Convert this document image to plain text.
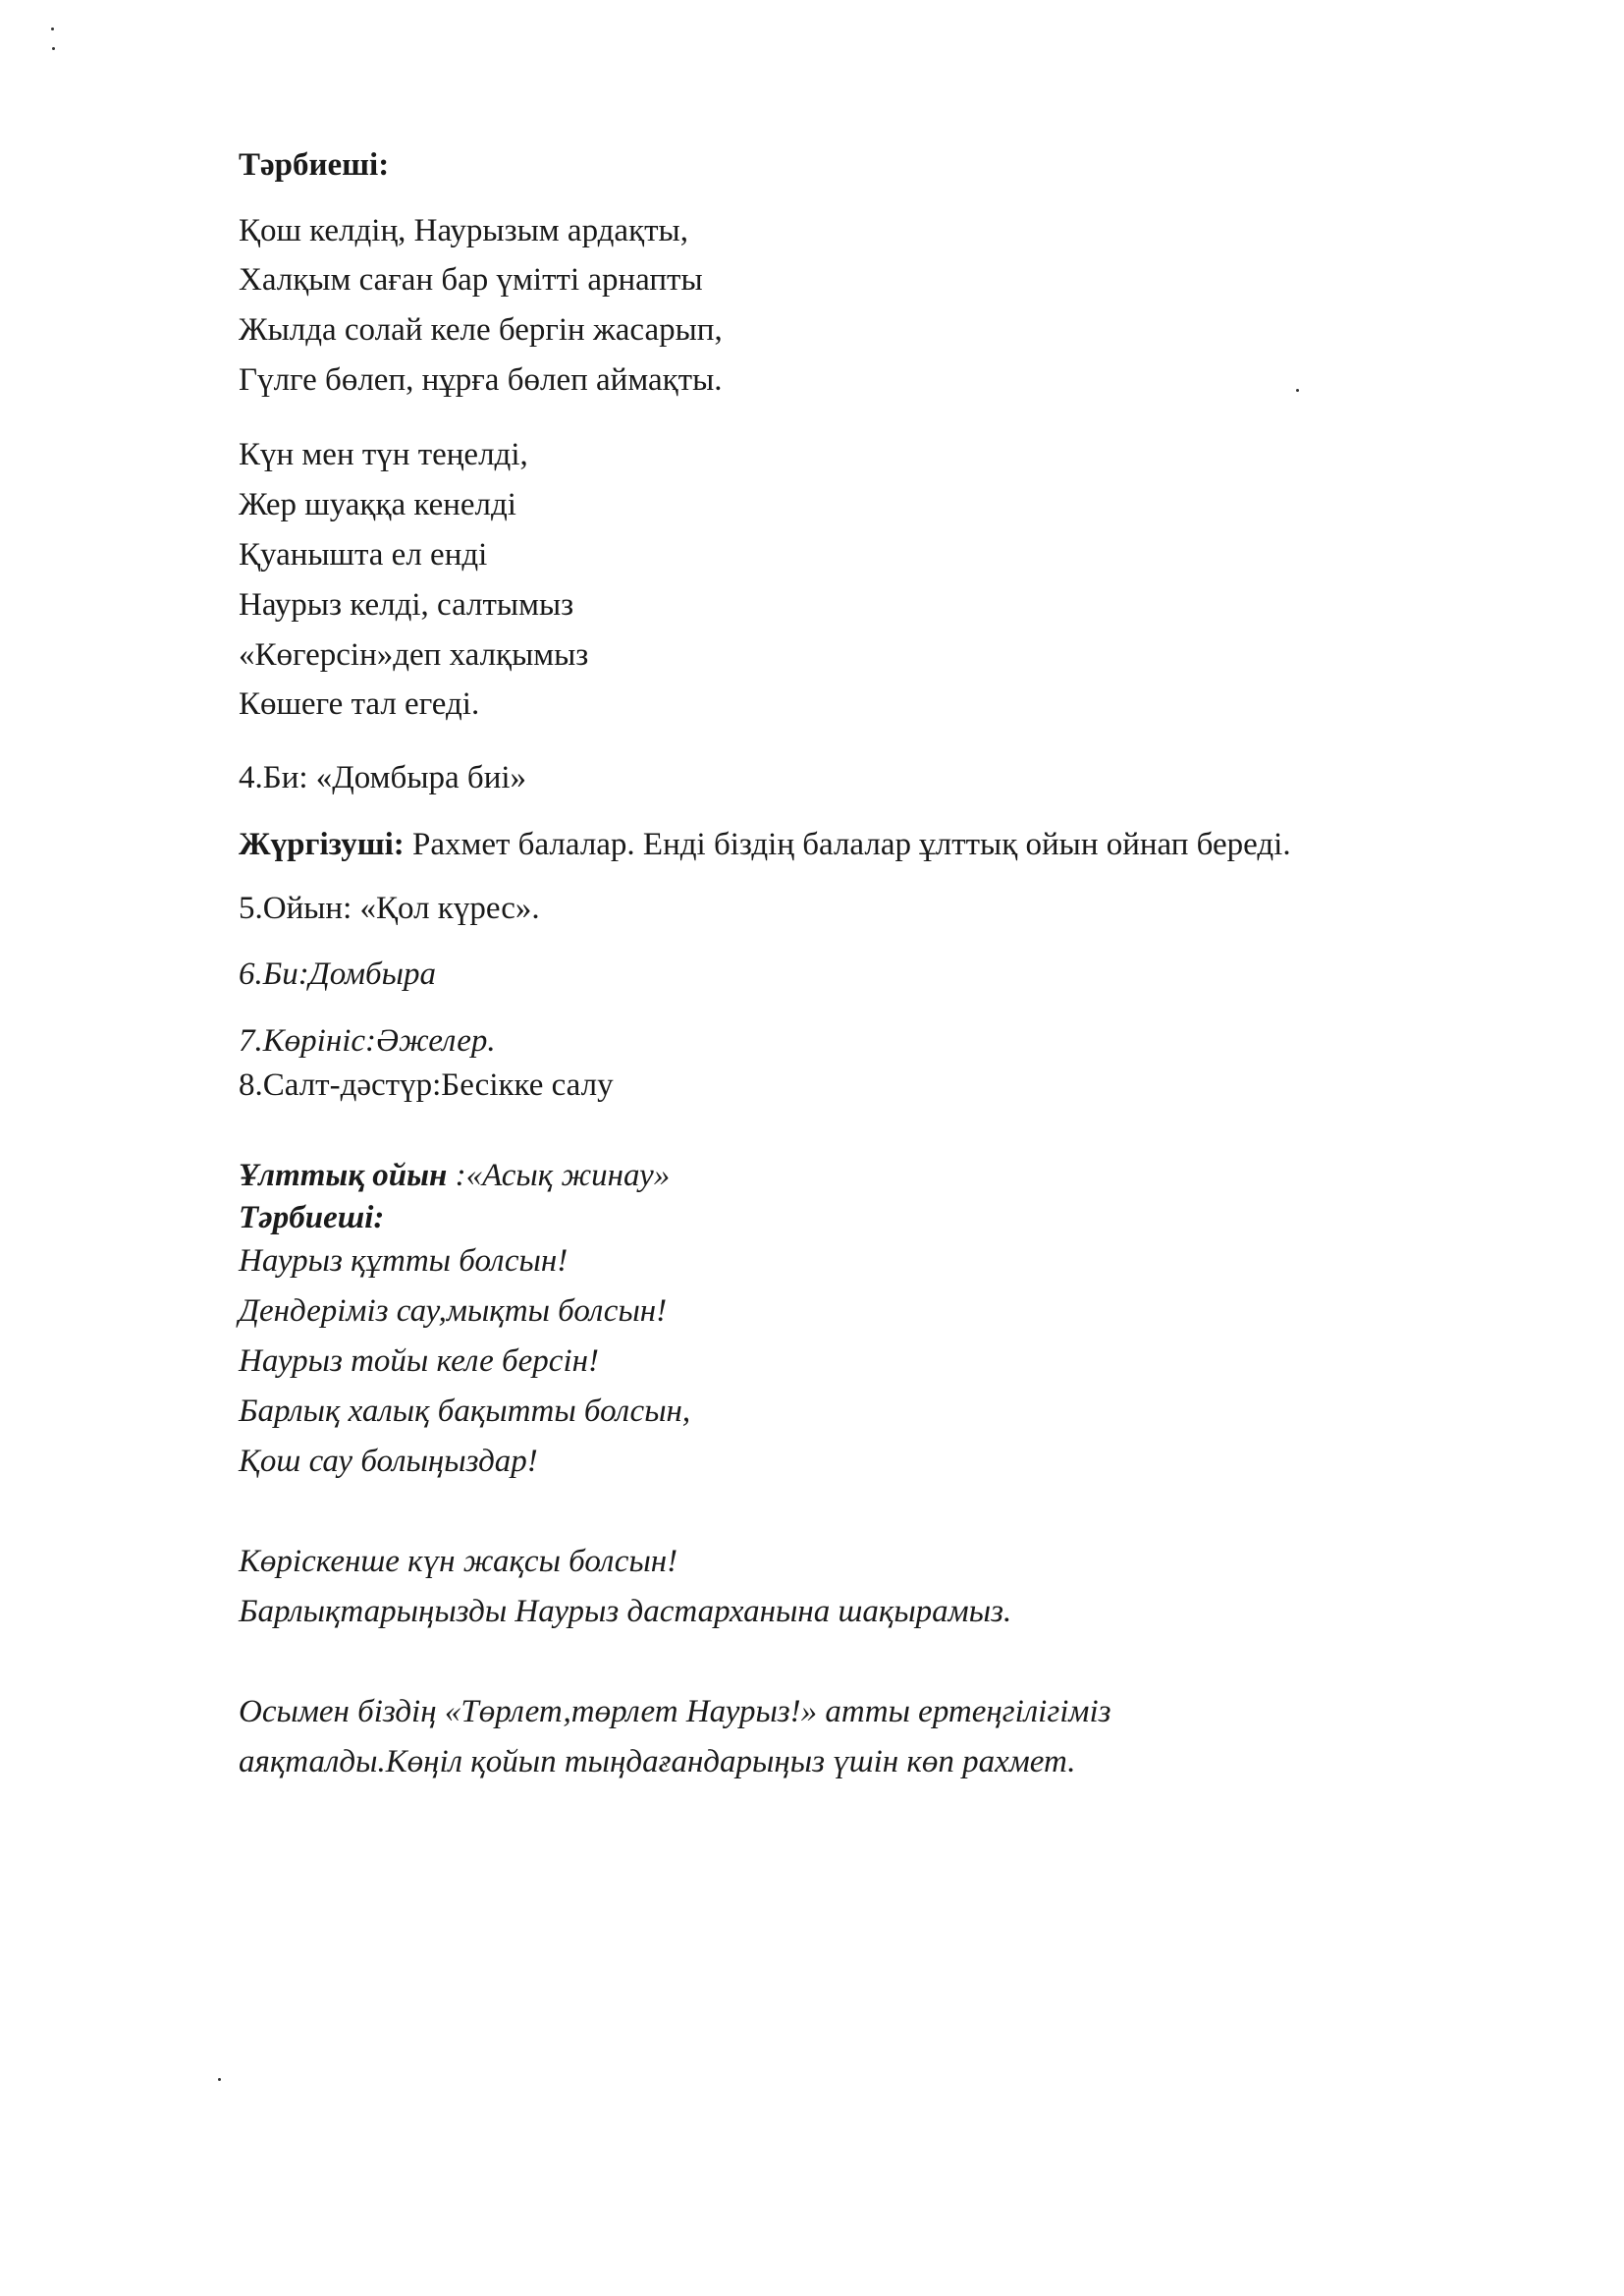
Тәрбиеші:
Қош келдің, Наурызым ардақты,
Халқым саған бар үмітті арнапты
Жылда солай келе бергін жасарып,
Гүлге бөлеп, нұрға бөлеп аймақты.
Күн мен түн теңелді,
Жер шуаққа кенелді
Қуанышта ел енді
Наурыз келді, салтымыз
«Көгерсін»деп халқымыз
Көшеге тал егеді.
4.Би: «Домбыра биі»
Жүргізуші: Рахмет балалар. Енді біздің балалар ұлттық ойын ойнап береді.
5.Ойын: «Қол күрес».
6.Би:Домбыра
7.Көрініс:Әжелер.
8.Салт-дәстүр:Бесікке салу
Ұлттық ойын :«Асық жинау»
Тәрбиеші:
Наурыз құтты болсын!
Дендеріміз сау,мықты болсын!
Наурыз тойы келе берсін!
Барлық халық бақытты болсын,
Қош сау болыңыздар!
Көріскенше күн жақсы болсын!
Барлықтарыңызды Наурыз дастарханына шақырамыз.
Осымен біздің «Төрлет,төрлет Наурыз!» атты ертеңгілігіміз
аяқталды.Көңіл қойып тыңдағандарыңыз үшін көп рахмет.
